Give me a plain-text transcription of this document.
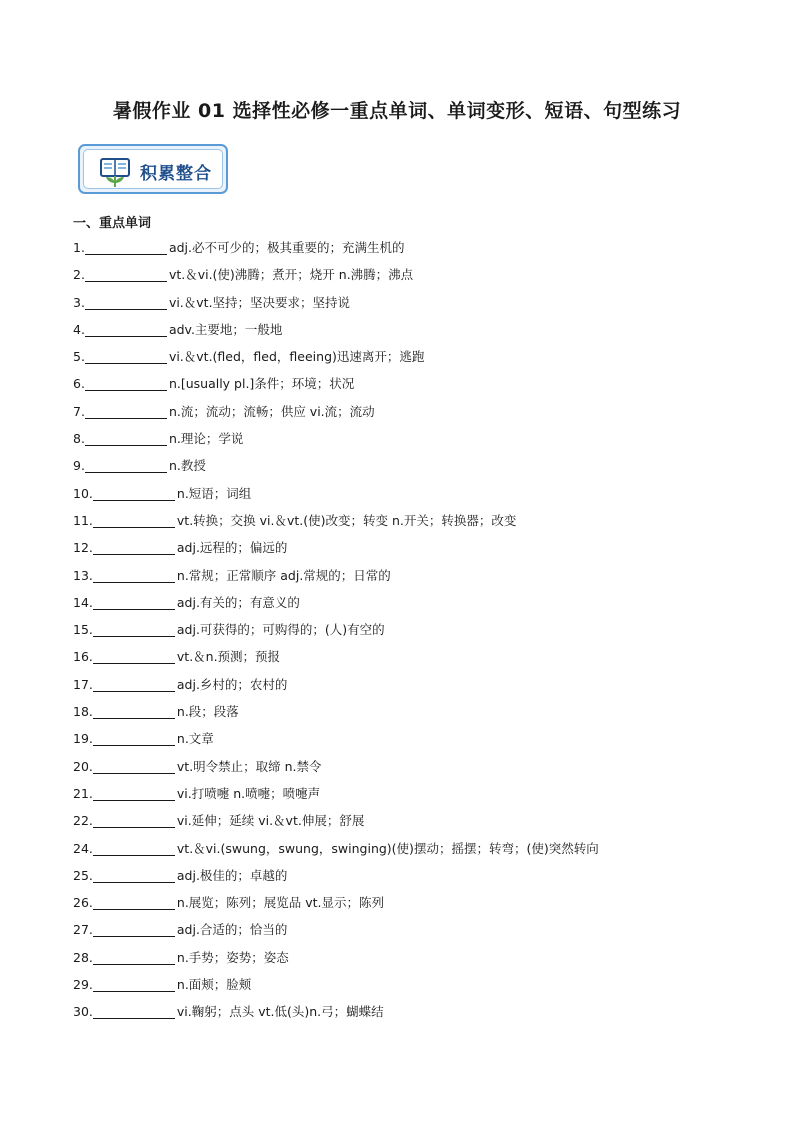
暑假作业 01 选择性必修一重点单词、单词变形、短语、句型练习
积累整合
一、重点单词
1.	adj.必不可少的；极其重要的；充满生机的
2.	vt.＆vi.(使)沸腾；煮开；烧开 n.沸腾；沸点
3.	vi.＆vt.坚持；坚决要求；坚持说
4.	adv.主要地；一般地
5.	vi.＆vt.(fled，fled，fleeing)迅速离开；逃跑
6.	n.[usually pl.]条件；环境；状况
7.	n.流；流动；流畅；供应 vi.流；流动
8.	n.理论；学说
9.	n.教授
10.	n.短语；词组
11.	vt.转换；交换 vi.＆vt.(使)改变；转变 n.开关；转换器；改变
12.	adj.远程的；偏远的
13.	n.常规；正常顺序 adj.常规的；日常的
14.	adj.有关的；有意义的
15.	adj.可获得的；可购得的；(人)有空的
16.	vt.＆n.预测；预报
17.	adj.乡村的；农村的
18.	n.段；段落
19.	n.文章
20.	vt.明令禁止；取缔 n.禁令
21.	vi.打喷嚏 n.喷嚏；喷嚏声
22.	vi.延伸；延续 vi.＆vt.伸展；舒展
24.	vt.＆vi.(swung，swung，swinging)(使)摆动；摇摆；转弯；(使)突然转向
25.	adj.极佳的；卓越的
26.	n.展览；陈列；展览品 vt.显示；陈列
27.	adj.合适的；恰当的
28.	n.手势；姿势；姿态
29.	n.面颊；脸颊
30.	vi.鞠躬；点头 vt.低(头)n.弓；蝴蝶结
